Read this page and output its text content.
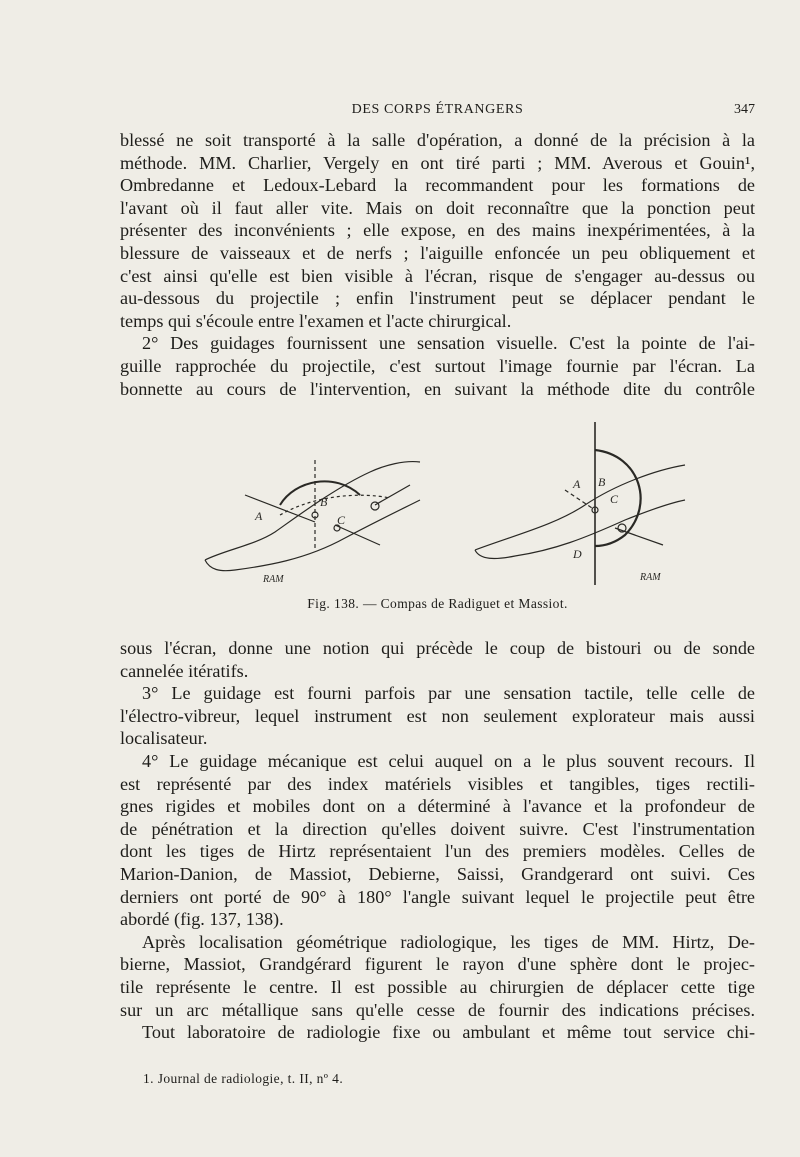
DES CORPS ÉTRANGERS	347
blessé ne soit transporté à la salle d'opération, a donné de la précision à la
méthode. MM. Charlier, Vergely en ont tiré parti ; MM. Averous et Gouin¹,
Ombredanne et Ledoux-Lebard la recommandent pour les formations de
l'avant où il faut aller vite. Mais on doit reconnaître que la ponction peut
présenter des inconvénients ; elle expose, en des mains inexpérimentées, à la
blessure de vaisseaux et de nerfs ; l'aiguille enfoncée un peu obliquement et
c'est ainsi qu'elle est bien visible à l'écran, risque de s'engager au-dessus ou
au-dessous du projectile ; enfin l'instrument peut se déplacer pendant le
temps qui s'écoule entre l'examen et l'acte chirurgical.
2° Des guidages fournissent une sensation visuelle. C'est la pointe de l'ai-
guille rapprochée du projectile, c'est surtout l'image fournie par l'écran. La
bonnette au cours de l'intervention, en suivant la méthode dite du contrôle
A
B
C
RAM
A B
C
D
RAM
Fig. 138. — Compas de Radiguet et Massiot.
sous l'écran, donne une notion qui précède le coup de bistouri ou de sonde
cannelée itératifs.
3° Le guidage est fourni parfois par une sensation tactile, telle celle de
l'électro-vibreur, lequel instrument est non seulement explorateur mais aussi
localisateur.
4° Le guidage mécanique est celui auquel on a le plus souvent recours. Il
est représenté par des index matériels visibles et tangibles, tiges rectili-
gnes rigides et mobiles dont on a déterminé à l'avance et la profondeur de
de pénétration et la direction qu'elles doivent suivre. C'est l'instrumentation
dont les tiges de Hirtz représentaient l'un des premiers modèles. Celles de
Marion-Danion, de Massiot, Debierne, Saissi, Grandgerard ont suivi. Ces
derniers ont porté de 90° à 180° l'angle suivant lequel le projectile peut être
abordé (fig. 137, 138).
Après localisation géométrique radiologique, les tiges de MM. Hirtz, De-
bierne, Massiot, Grandgérard figurent le rayon d'une sphère dont le projec-
tile représente le centre. Il est possible au chirurgien de déplacer cette tige
sur un arc métallique sans qu'elle cesse de fournir des indications précises.
Tout laboratoire de radiologie fixe ou ambulant et même tout service chi-
1. Journal de radiologie, t. II, nº 4.
